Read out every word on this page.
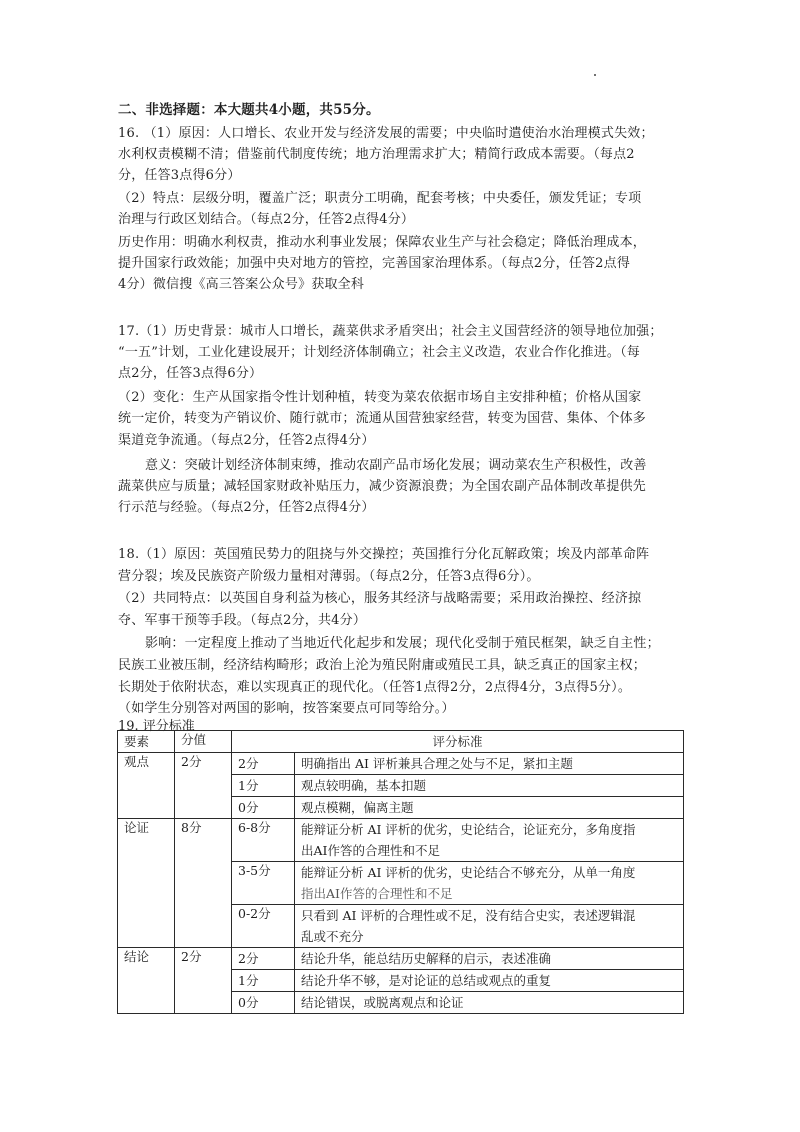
二、非选择题：本大题共4小题，共55分。
16. （1）原因：人口增长、农业开发与经济发展的需要；中央临时遣使治水治理模式失效；
水利权责模糊不清；借鉴前代制度传统；地方治理需求扩大；精简行政成本需要。（每点2
分，任答3点得6分）
（2）特点：层级分明，覆盖广泛；职责分工明确，配套考核；中央委任，颁发凭证；专项
治理与行政区划结合。（每点2分，任答2点得4分）
历史作用：明确水利权责，推动水利事业发展；保障农业生产与社会稳定；降低治理成本，
提升国家行政效能；加强中央对地方的管控，完善国家治理体系。（每点2分，任答2点得
4分）微信搜《高三答案公众号》获取全科
17.（1）历史背景：城市人口增长，蔬菜供求矛盾突出；社会主义国营经济的领导地位加强；
“一五”计划，工业化建设展开；计划经济体制确立；社会主义改造，农业合作化推进。（每
点2分，任答3点得6分）
（2）变化：生产从国家指令性计划种植，转变为菜农依据市场自主安排种植；价格从国家
统一定价，转变为产销议价、随行就市；流通从国营独家经营，转变为国营、集体、个体多
渠道竞争流通。（每点2分，任答2点得4分）
意义：突破计划经济体制束缚，推动农副产品市场化发展；调动菜农生产积极性，改善
蔬菜供应与质量；减轻国家财政补贴压力，减少资源浪费；为全国农副产品体制改革提供先
行示范与经验。（每点2分，任答2点得4分）
18.（1）原因：英国殖民势力的阻挠与外交操控；英国推行分化瓦解政策；埃及内部革命阵
营分裂；埃及民族资产阶级力量相对薄弱。（每点2分，任答3点得6分）。
（2）共同特点：以英国自身利益为核心，服务其经济与战略需要；采用政治操控、经济掠
夺、军事干预等手段。（每点2分，共4分）
影响：一定程度上推动了当地近代化起步和发展；现代化受制于殖民框架，缺乏自主性；
民族工业被压制，经济结构畸形；政治上沦为殖民附庸或殖民工具，缺乏真正的国家主权；
长期处于依附状态，难以实现真正的现代化。（任答1点得2分，2点得4分，3点得5分）。
（如学生分别答对两国的影响，按答案要点可同等给分。）
19. 评分标准
要素	分值	评分标准	
观点	2分	2分	明确指出 AI 评析兼具合理之处与不足，紧扣主题
		1分	观点较明确，基本扣题
		0分	观点模糊，偏离主题
论证	8分	6-8分	能辩证分析 AI 评析的优劣，史论结合，论证充分，多角度指
出AI作答的合理性和不足

		3-5分	能辩证分析 AI 评析的优劣，史论结合不够充分，从单一角度
指出AI作答的合理性和不足

		0-2分	只看到 AI 评析的合理性或不足，没有结合史实，表述逻辑混
乱或不充分

结论	2分	2分	结论升华，能总结历史解释的启示，表述准确
		1分	结论升华不够，是对论证的总结或观点的重复
		0分	结论错误，或脱离观点和论证
